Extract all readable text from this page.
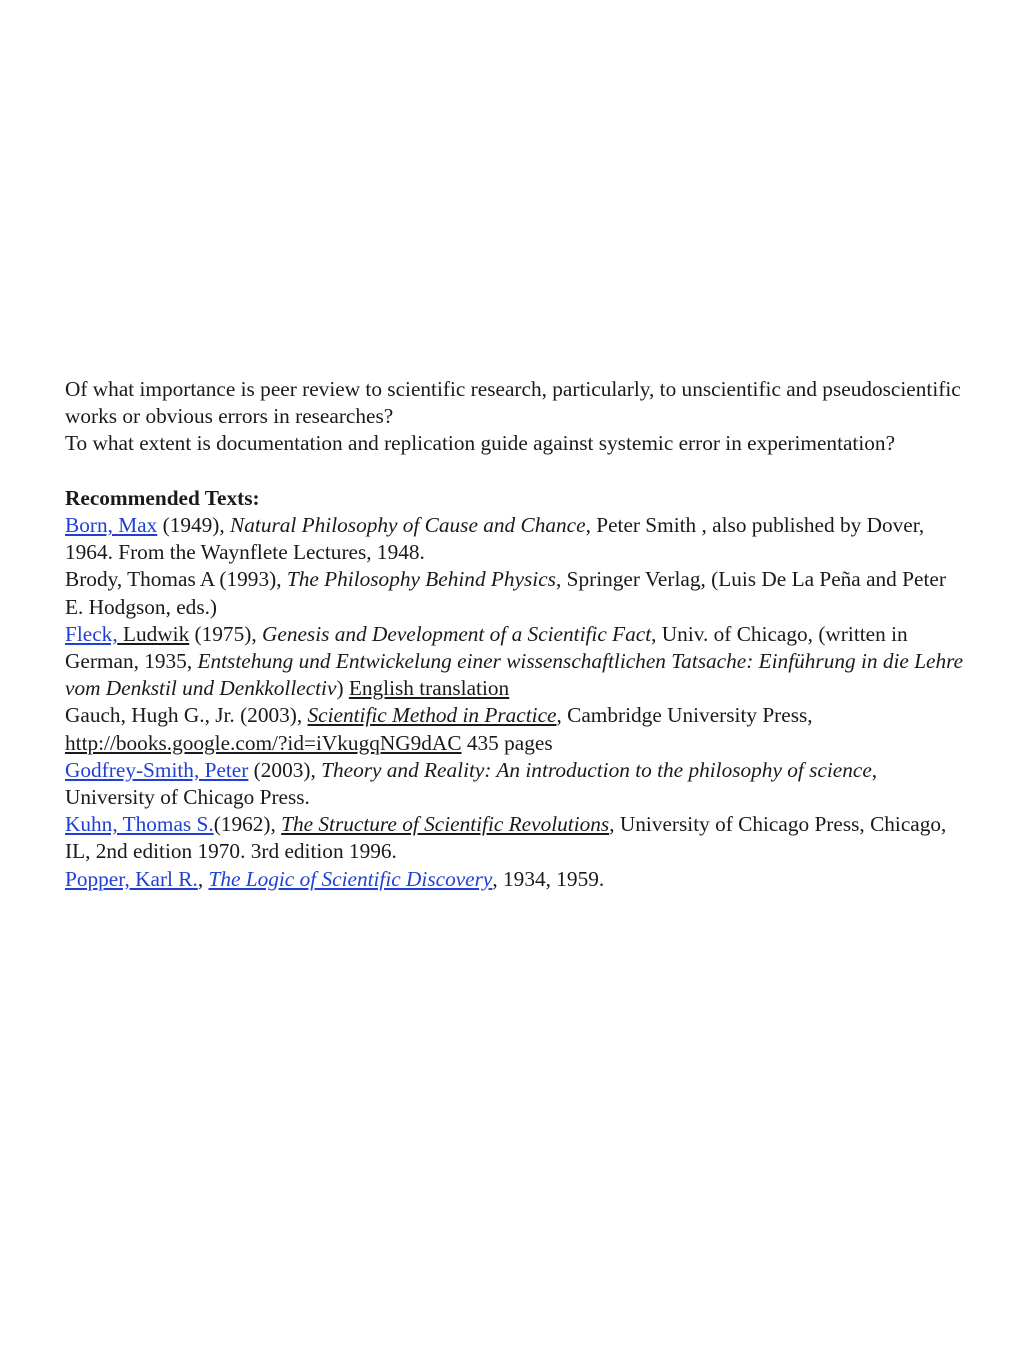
Of what importance is peer review to scientific research, particularly, to unscientific and pseudoscientific works or obvious errors in researches?

To what extent is documentation and replication guide against systemic error in experimentation?

Recommended Texts:

Born, Max (1949), Natural Philosophy of Cause and Chance, Peter Smith , also published by Dover, 1964. From the Waynflete Lectures, 1948.

Brody, Thomas A (1993), The Philosophy Behind Physics, Springer Verlag, (Luis De La Peña and Peter E. Hodgson, eds.)

Fleck, Ludwik (1975), Genesis and Development of a Scientific Fact, Univ. of Chicago, (written in German, 1935, Entstehung und Entwickelung einer wissenschaftlichen Tatsache: Einführung in die Lehre vom Denkstil und Denkkollectiv) English translation

Gauch, Hugh G., Jr. (2003), Scientific Method in Practice, Cambridge University Press, http://books.google.com/?id=iVkugqNG9dAC 435 pages

Godfrey-Smith, Peter (2003), Theory and Reality: An introduction to the philosophy of science, University of Chicago Press.

Kuhn, Thomas S.(1962), The Structure of Scientific Revolutions, University of Chicago Press, Chicago, IL, 2nd edition 1970. 3rd edition 1996.

Popper, Karl R., The Logic of Scientific Discovery, 1934, 1959.
